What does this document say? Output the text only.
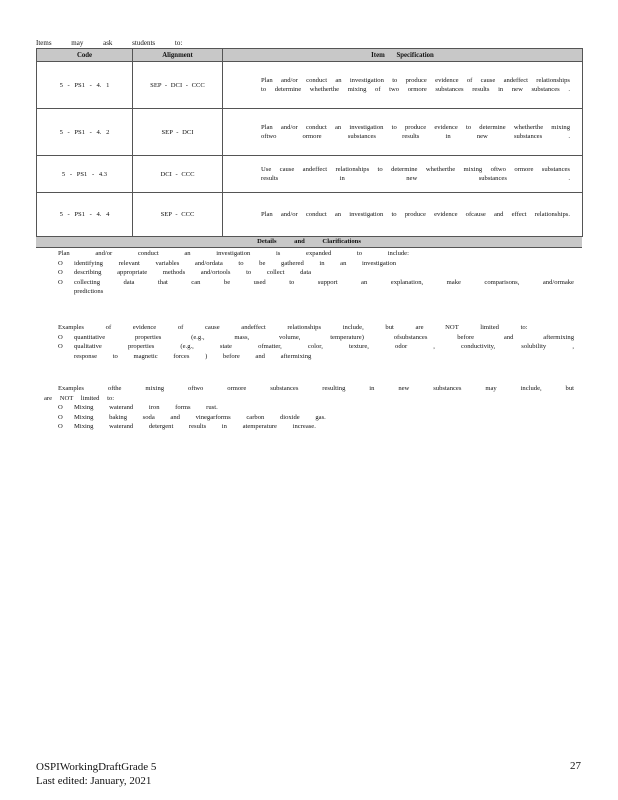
Items may ask students to:
Code	Alignment	Item Specification
5 - PS1 - 4. 1	SEP - DCI - CCC	Plan and/or conduct an investigation to produce evidence of cause andeffect relationships to determine whetherthe mixing of two ormore substances results in new substances .
5 - PS1 - 4. 2	SEP - DCI	Plan and/or conduct an investigation to produce evidence to determine whetherthe mixing oftwo ormore substances results in new substances .
5 - PS1 - 4.3	DCI - CCC	Use cause andeffect relationships to determine whetherthe mixing oftwo ormore substances results in new substances .
5 - PS1 - 4. 4	SEP - CCC	Plan and/or conduct an investigation to produce evidence ofcause and effect relationships.
Details and Clarifications
Plan and/or conduct an investigation is expanded to include:
O	identifying relevant variables and/ordata to be gathered in an investigation
O	describing appropriate methods and/ortools to collect data
O	collecting data that can be used to support an explanation, make comparisons, and/ormake
predictions
Examples of evidence of cause andeffect relationships include, but are NOT limited to:
O	quantitative properties (e.g., mass, volume, temperature) ofsubstances before and aftermixing
O	qualitative properties (e.g., state ofmatter, color, texture, odor , conductivity, solubility ,
response to magnetic forces ) before and aftermixing
Examples ofthe mixing oftwo ormore substances resulting in new substances may include, but
are NOT limited to:
O	Mixing waterand iron forms rust.
O	Mixing baking soda and vinegarforms carbon dioxide gas.
O	Mixing waterand detergent results in atemperature increase.
OSPIWorkingDraftGrade 5
Last edited: January, 2021
27
